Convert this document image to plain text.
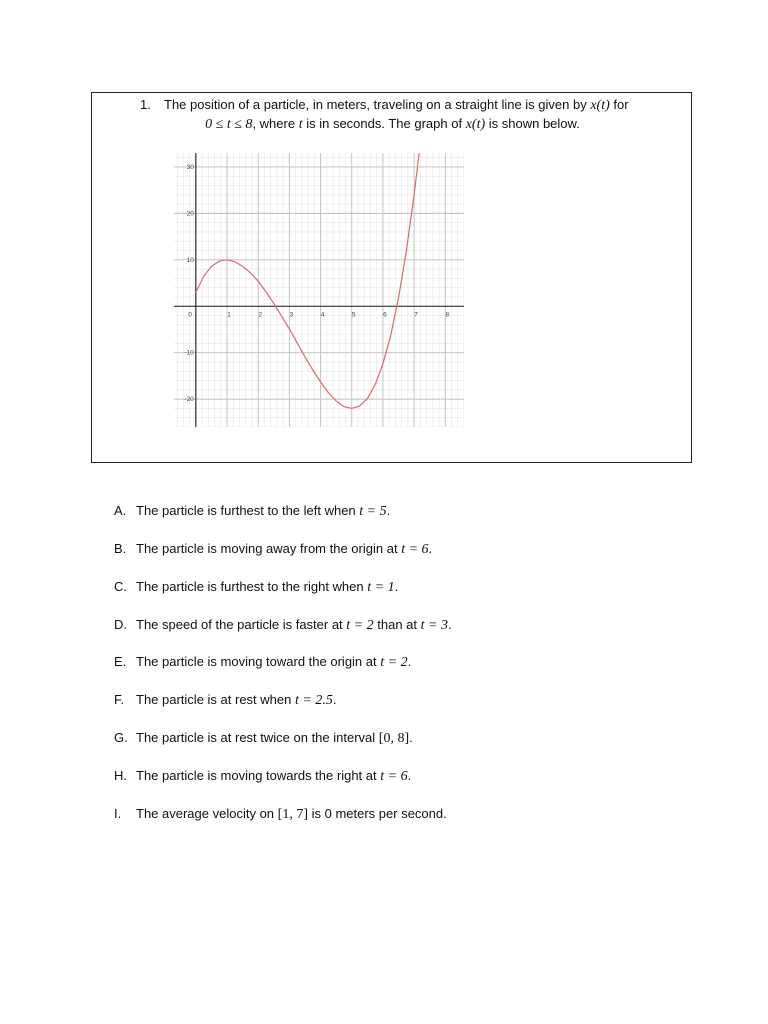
1. The position of a particle, in meters, traveling on a straight line is given by x(t) for
0 ≤ t ≤ 8, where t is in seconds. The graph of x(t) is shown below.
0	1	2	3	4	5	6	7	8
30
20
10
-10
-20
A. The particle is furthest to the left when t = 5.
B. The particle is moving away from the origin at t = 6.
C. The particle is furthest to the right when t = 1.
D. The speed of the particle is faster at t = 2 than at t = 3.
E. The particle is moving toward the origin at t = 2.
F. The particle is at rest when t = 2.5.
G. The particle is at rest twice on the interval [0, 8].
H. The particle is moving towards the right at t = 6.
I. The average velocity on [1, 7] is 0 meters per second.
